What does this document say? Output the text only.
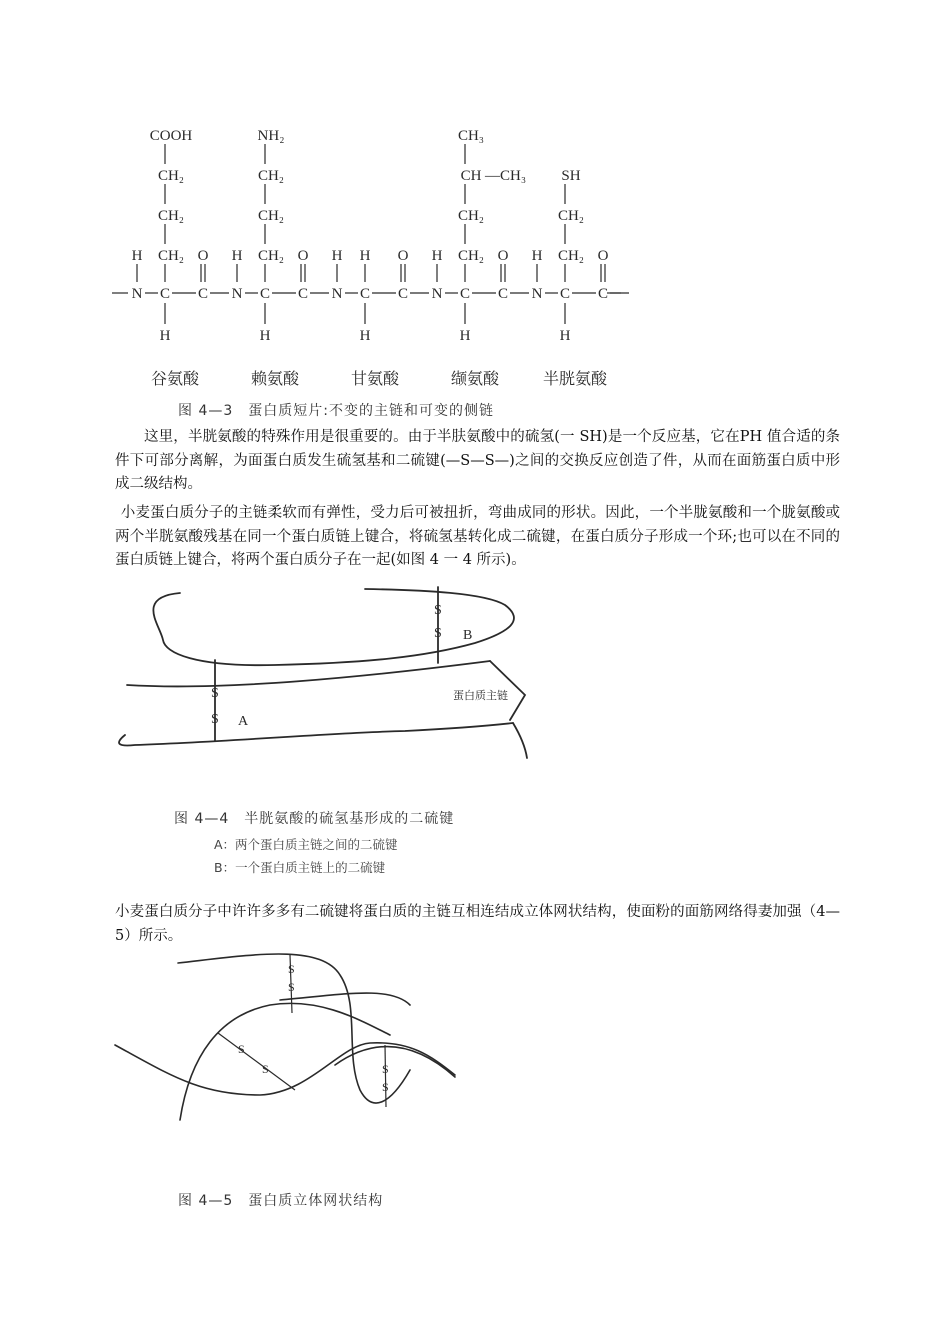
N C C
H	O
H
CH₂
CH₂
CH₂
COOH
谷氨酸
N C C
H	O
H
CH₂
CH₂
CH₂
NH₂
赖氨酸
N C C
H	O
H
H
甘氨酸
N C C
H	O
H
CH₂
CH₂
CH
CH₃
—CH₃
缬氨酸
N C C
H	O
H
CH₂
CH₂
SH
半胱氨酸
图 4—3　蛋白质短片:不变的主链和可变的侧链

这里，半胱氨酸的特殊作用是很重要的。由于半肤氨酸中的硫氢(一 SH)是一个反应基，它在PH 值合适的条件下可部分离解，为面蛋白质发生硫氢基和二硫键(—S—S—)之间的交换反应创造了件，从而在面筋蛋白质中形成二级结构。

小麦蛋白质分子的主链柔软而有弹性，受力后可被扭折，弯曲成同的形状。因此，一个半胧氨酸和一个胧氨酸或两个半胱氨酸残基在同一个蛋白质链上键合，将硫氢基转化成二硫键，在蛋白质分子形成一个环;也可以在不同的蛋白质链上键合，将两个蛋白质分子在一起(如图 4 一 4 所示)。

S
S B
S
S A
蛋白质主链
图 4—4　半胱氨酸的硫氢基形成的二硫键
A：两个蛋白质主链之间的二硫键
B：一个蛋白质主链上的二硫键

小麦蛋白质分子中许许多多有二硫键将蛋白质的主链互相连结成立体网状结构，使面粉的面筋网络得妻加强（4—5）所示。

S
S
S
S	S
S
图 4—5　蛋白质立体网状结构
